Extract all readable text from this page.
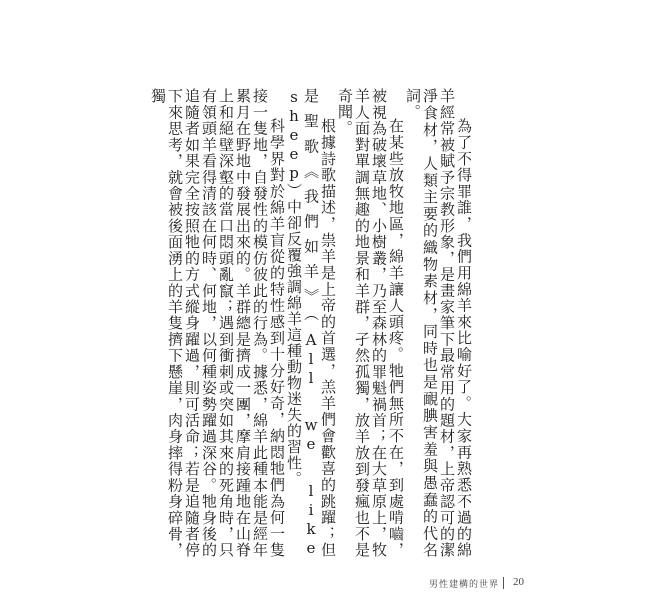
為了不得罪誰，我們用綿羊來比喻好了。大家再熟悉不過的綿羊經常被賦予宗教形象，是畫家筆下最常用的題材，上帝認可的潔淨食材，人類主要的織物素材，同時也是靦腆害羞與愚蠢的代名詞。

在某些放牧地區，綿羊讓人頭疼。牠們無所不在，到處啃嚙，被視為破壞草地、小樹叢，乃至森林的罪魁禍首；在大草原上，牧羊人面對單調無趣的地景和羊群，孑然孤獨，放羊放到發瘋也不是奇聞。

根據詩歌描述，祟羊是上帝的首選，羔羊們會歡喜的跳躍；但是聖歌《我們如羊》（All we like sheep）中卻反覆強調綿羊這種動物迷失的習性。

科學界對於綿羊盲從的特性感到十分好奇，納悶牠們為何一隻接一隻地，自發性的模仿彼此的行為。據悉，綿羊此種本能是經年累月在野地中發展出來的。羊群總是擠成一團，摩肩接踵地在山脊上和絕壁深壑的當口悶頭亂竄；遇到衝刺或突如其來的死角時，只有領頭羊看得清該在何時、何地，以何種姿勢躍過深谷。牠身後的追隨者如果完全按照牠的方式縱身躍過，則可活命；若是追隨者停下來思考，就會被後面湧上的羊隻擠下懸崖，肉身摔得粉身碎骨，獨

男性建構的世界 20
